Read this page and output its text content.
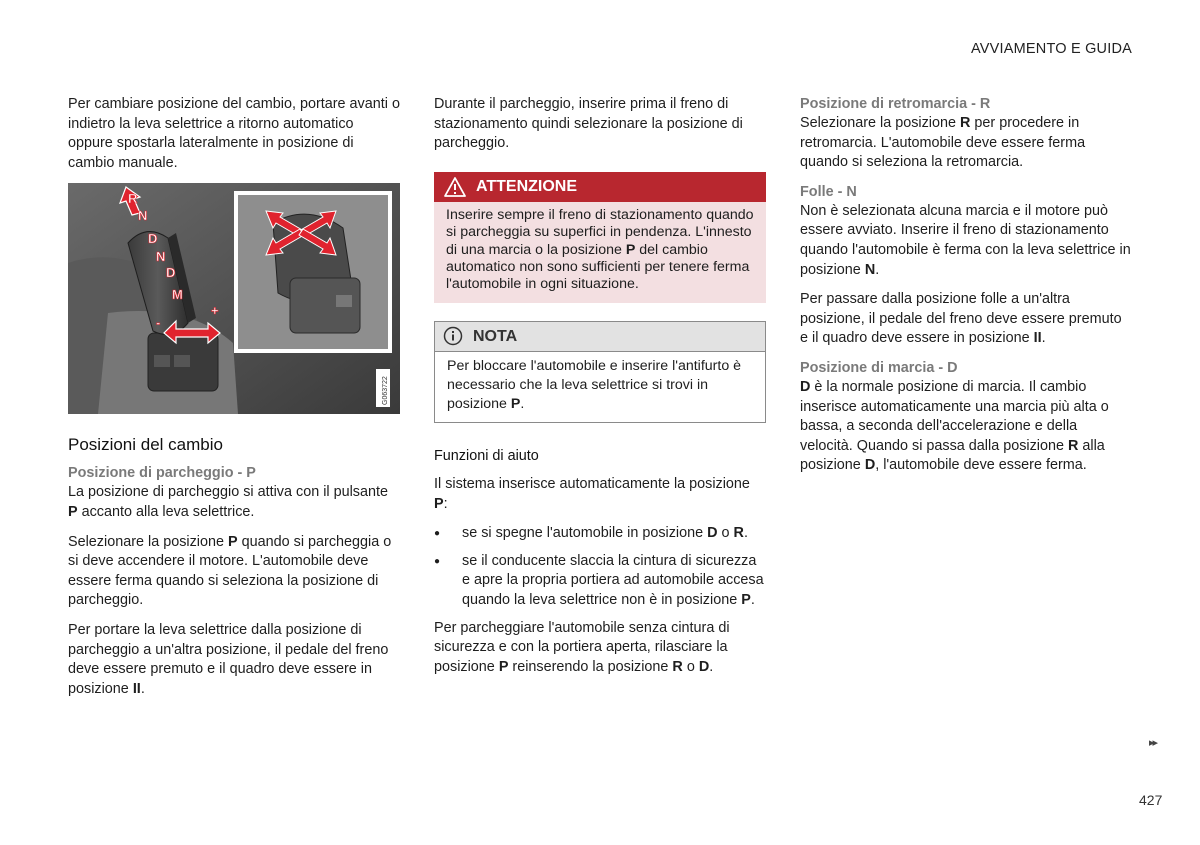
AVVIAMENTO E GUIDA

Per cambiare posizione del cambio, portare avanti o indietro la leva selettrice a ritorno automatico oppure spostarla lateralmente in posizione di cambio manuale.

R
N
D
N
D
M
-
+
G063722
Posizioni del cambio
Posizione di parcheggio - P

La posizione di parcheggio si attiva con il pulsante P accanto alla leva selettrice.

Selezionare la posizione P quando si parcheggia o si deve accendere il motore. L'automobile deve essere ferma quando si seleziona la posizione di parcheggio.

Per portare la leva selettrice dalla posizione di parcheggio a un'altra posizione, il pedale del freno deve essere premuto e il quadro deve essere in posizione II.

Durante il parcheggio, inserire prima il freno di stazionamento quindi selezionare la posizione di parcheggio.

ATTENZIONE
Inserire sempre il freno di stazionamento quando si parcheggia su superfici in pendenza. L'innesto di una marcia o la posizione P del cambio automatico non sono sufficienti per tenere ferma l'automobile in ogni situazione.
NOTA
Per bloccare l'automobile e inserire l'antifurto è necessario che la leva selettrice si trovi in posizione P.
Funzioni di aiuto

Il sistema inserisce automaticamente la posizione P:

● se si spegne l'automobile in posizione D o R.
● se il conducente slaccia la cintura di sicurezza e apre la propria portiera ad automobile accesa quando la leva selettrice non è in posizione P.

Per parcheggiare l'automobile senza cintura di sicurezza e con la portiera aperta, rilasciare la posizione P reinserendo la posizione R o D.

Posizione di retromarcia - R

Selezionare la posizione R per procedere in retromarcia. L'automobile deve essere ferma quando si seleziona la retromarcia.

Folle - N

Non è selezionata alcuna marcia e il motore può essere avviato. Inserire il freno di stazionamento quando l'automobile è ferma con la leva selettrice in posizione N.

Per passare dalla posizione folle a un'altra posizione, il pedale del freno deve essere premuto e il quadro deve essere in posizione II.

Posizione di marcia - D

D è la normale posizione di marcia. Il cambio inserisce automaticamente una marcia più alta o bassa, a seconda dell'accelerazione e della velocità. Quando si passa dalla posizione R alla posizione D, l'automobile deve essere ferma.

▸▸
427
